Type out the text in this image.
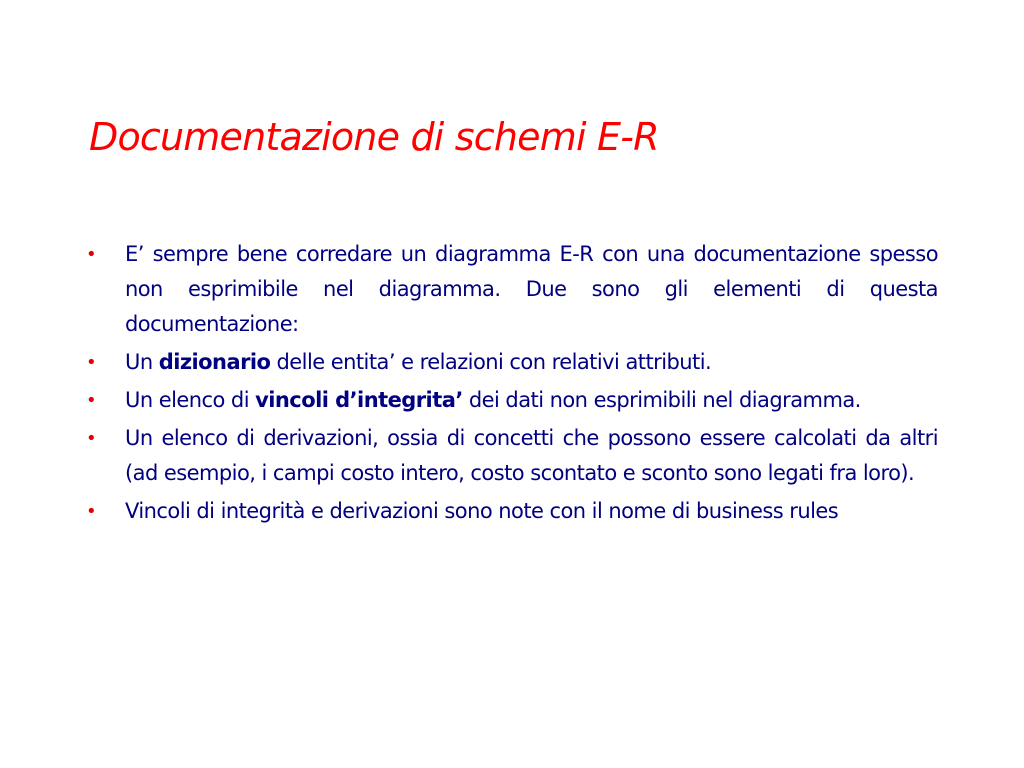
Documentazione di schemi E-R
• E’ sempre bene corredare un diagramma E-R con una documentazione spesso non esprimibile nel diagramma. Due sono gli elementi di questa documentazione:
• Un dizionario delle entita’ e relazioni con relativi attributi.
• Un elenco di vincoli d’integrita’ dei dati non esprimibili nel diagramma.
• Un elenco di derivazioni, ossia di concetti che possono essere calcolati da altri (ad esempio, i campi costo intero, costo scontato e sconto sono legati fra loro).
• Vincoli di integrità e derivazioni sono note con il nome di business rules
